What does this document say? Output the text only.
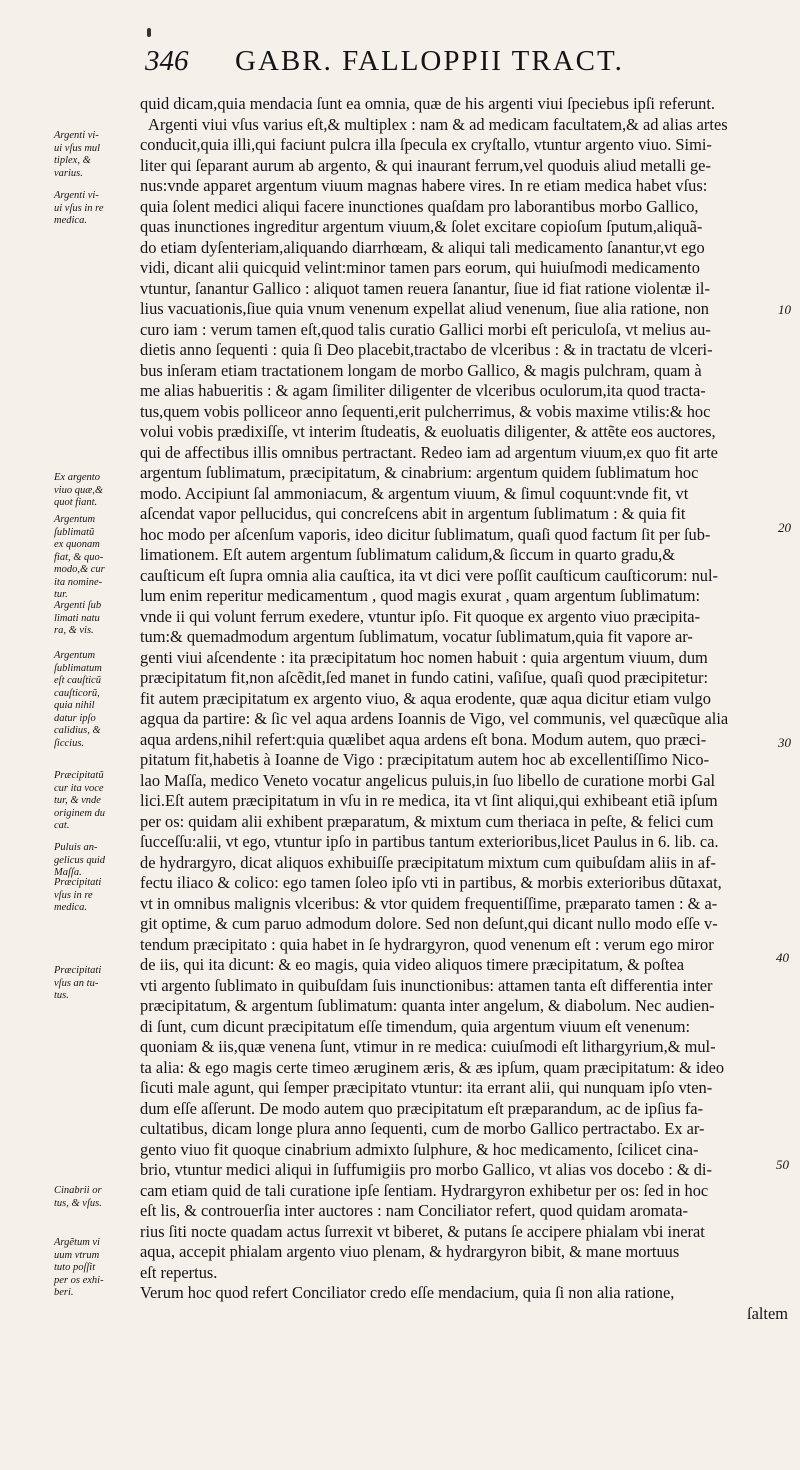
346 GABR. FALLOPPII TRACT.
quid dicam,quia mendacia ſunt ea omnia, quæ de his argenti viui ſpeciebus ipſi referunt.
Argenti viui vſus varius eſt,& multiplex : nam & ad medicam facultatem,& ad alias artes
conducit,quia illi,qui faciunt pulcra illa ſpecula ex cryſtallo, vtuntur argento viuo. Simi-
liter qui ſeparant aurum ab argento, & qui inaurant ferrum,vel quoduis aliud metalli ge-
nus:vnde apparet argentum viuum magnas habere vires. In re etiam medica habet vſus:
quia ſolent medici aliqui facere inunctiones quaſdam pro laborantibus morbo Gallico,
quas inunctiones ingreditur argentum viuum,& ſolet excitare copioſum ſputum,aliquã-
do etiam dyſenteriam,aliquando diarrhœam, & aliqui tali medicamento ſanantur,vt ego
vidi, dicant alii quicquid velint:minor tamen pars eorum, qui huiuſmodi medicamento
vtuntur, ſanantur Gallico : aliquot tamen reuera ſanantur, ſiue id fiat ratione violentæ il-
lius vacuationis,ſiue quia vnum venenum expellat aliud venenum, ſiue alia ratione, non
curo iam : verum tamen eſt,quod talis curatio Gallici morbi eſt periculoſa, vt melius au-
dietis anno ſequenti : quia ſi Deo placebit,tractabo de vlceribus : & in tractatu de vlceri-
bus inſeram etiam tractationem longam de morbo Gallico, & magis pulchram, quam à
me alias habueritis : & agam ſimiliter diligenter de vlceribus oculorum,ita quod tracta-
tus,quem vobis polliceor anno ſequenti,erit pulcherrimus, & vobis maxime vtilis:& hoc
volui vobis prædixiſſe, vt interim ſtudeatis, & euoluatis diligenter, & attẽte eos auctores,
qui de affectibus illis omnibus pertractant. Redeo iam ad argentum viuum,ex quo fit arte
argentum ſublimatum, præcipitatum, & cinabrium: argentum quidem ſublimatum hoc
modo. Accipiunt ſal ammoniacum, & argentum viuum, & ſimul coquunt:vnde fit, vt
aſcendat vapor pellucidus, qui concreſcens abit in argentum ſublimatum : & quia fit
hoc modo per aſcenſum vaporis, ideo dicitur ſublimatum, quaſi quod factum ſit per ſub-
limationem. Eſt autem argentum ſublimatum calidum,& ſiccum in quarto gradu,&
cauſticum eſt ſupra omnia alia cauſtica, ita vt dici vere poſſit cauſticum cauſticorum: nul-
lum enim reperitur medicamentum , quod magis exurat , quam argentum ſublimatum:
vnde ii qui volunt ferrum exedere, vtuntur ipſo. Fit quoque ex argento viuo præcipita-
tum:& quemadmodum argentum ſublimatum, vocatur ſublimatum,quia fit vapore ar-
genti viui aſcendente : ita præcipitatum hoc nomen habuit : quia argentum viuum, dum
præcipitatum fit,non aſcẽdit,ſed manet in fundo catini, vaſiſue, quaſi quod præcipitetur:
fit autem præcipitatum ex argento viuo, & aqua erodente, quæ aqua dicitur etiam vulgo
agqua da partire: & ſic vel aqua ardens Ioannis de Vigo, vel communis, vel quæcũque alia
aqua ardens,nihil refert:quia quælibet aqua ardens eſt bona. Modum autem, quo præci-
pitatum fit,habetis à Ioanne de Vigo : præcipitatum autem hoc ab excellentiſſimo Nico-
lao Maſſa, medico Veneto vocatur angelicus puluis,in ſuo libello de curatione morbi Gal
lici.Eſt autem præcipitatum in vſu in re medica, ita vt ſint aliqui,qui exhibeant etiã ipſum
per os: quidam alii exhibent præparatum, & mixtum cum theriaca in peſte, & felici cum
ſucceſſu:alii, vt ego, vtuntur ipſo in partibus tantum exterioribus,licet Paulus in 6. lib. ca.
de hydrargyro, dicat aliquos exhibuiſſe præcipitatum mixtum cum quibuſdam aliis in af-
fectu iliaco & colico: ego tamen ſoleo ipſo vti in partibus, & morbis exterioribus dũtaxat,
vt in omnibus malignis vlceribus: & vtor quidem frequentiſſime, præparato tamen : & a-
git optime, & cum paruo admodum dolore. Sed non deſunt,qui dicant nullo modo eſſe v-
tendum præcipitato : quia habet in ſe hydrargyron, quod venenum eſt : verum ego miror
de iis, qui ita dicunt: & eo magis, quia video aliquos timere præcipitatum, & poſtea
vti argento ſublimato in quibuſdam ſuis inunctionibus: attamen tanta eſt differentia inter
præcipitatum, & argentum ſublimatum: quanta inter angelum, & diabolum. Nec audien-
di ſunt, cum dicunt præcipitatum eſſe timendum, quia argentum viuum eſt venenum:
quoniam & iis,quæ venena ſunt, vtimur in re medica: cuiuſmodi eſt lithargyrium,& mul-
ta alia: & ego magis certe timeo æruginem æris, & æs ipſum, quam præcipitatum: & ideo
ſicuti male agunt, qui ſemper præcipitato vtuntur: ita errant alii, qui nunquam ipſo vten-
dum eſſe aſſerunt. De modo autem quo præcipitatum eſt præparandum, ac de ipſius fa-
cultatibus, dicam longe plura anno ſequenti, cum de morbo Gallico pertractabo. Ex ar-
gento viuo fit quoque cinabrium admixto ſulphure, & hoc medicamento, ſcilicet cina-
brio, vtuntur medici aliqui in ſuffumigiis pro morbo Gallico, vt alias vos docebo : & di-
cam etiam quid de tali curatione ipſe ſentiam. Hydrargyron exhibetur per os: ſed in hoc
eſt lis, & controuerſia inter auctores : nam Conciliator refert, quod quidam aromata-
rius ſiti nocte quadam actus ſurrexit vt biberet, & putans ſe accipere phialam vbi inerat
aqua, accepit phialam argento viuo plenam, & hydrargyron bibit, & mane mortuus
eſt repertus.
Verum hoc quod refert Conciliator credo eſſe mendacium, quia ſi non alia ratione,
ſaltem
Argenti vi-
ui vſus mul
tiplex, &
varius.
Argenti vi-
ui vſus in re
medica.
Ex argento
viuo quæ,&
quot fiant.
Argentum
ſublimatũ
ex quonam
fiat, & quo-
modo,& cur
ita nomine-
tur.
Argenti ſub
limati natu
ra, & vis.
Argentum
ſublimatum
eſt cauſticũ
cauſticorũ,
quia nihil
datur ipſo
calidius, &
ſiccius.
Præcipitatũ
cur ita voce
tur, & vnde
originem du
cat.
Puluis an-
gelicus quid
Maſſa.
Præcipitati
vſus in re
medica.
Præcipitati
vſus an tu-
tus.
Cinabrii or
tus, & vſus.
Argẽtum vi
uum vtrum
tuto poſſit
per os exhi-
beri.
10
20
30
40
50
